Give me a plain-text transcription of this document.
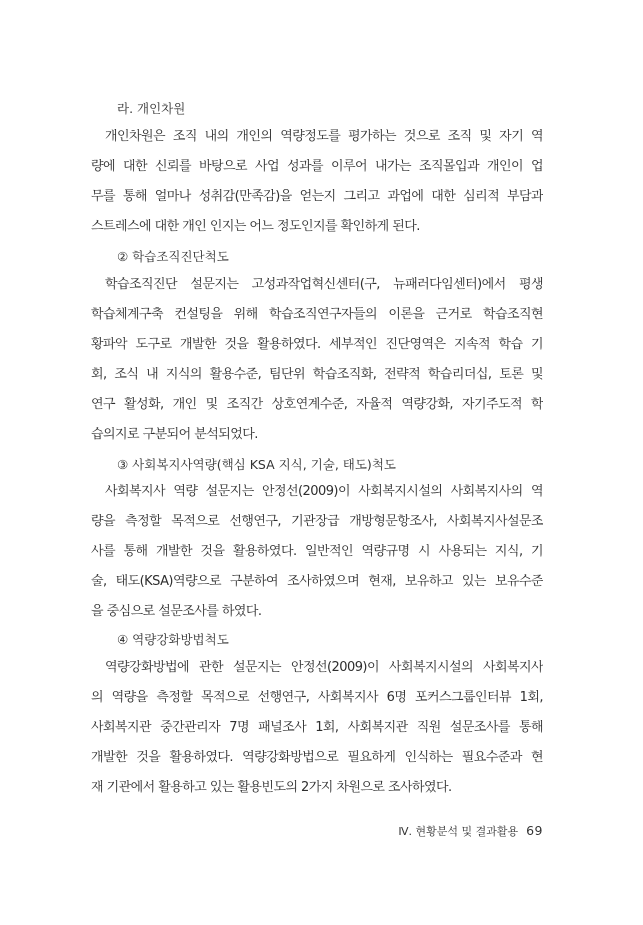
라. 개인차원
개인차원은 조직 내의 개인의 역량정도를 평가하는 것으로 조직 및 자기 역
량에 대한 신뢰를 바탕으로 사업 성과를 이루어 내가는 조직몰입과 개인이 업
무를 통해 얼마나 성취감(만족감)을 얻는지 그리고 과업에 대한 심리적 부담과
스트레스에 대한 개인 인지는 어느 정도인지를 확인하게 된다.
② 학습조직진단척도
학습조직진단 설문지는 고성과작업혁신센터(구, 뉴패러다임센터)에서 평생
학습체계구축 컨설팅을 위해 학습조직연구자들의 이론을 근거로 학습조직현
황파악 도구로 개발한 것을 활용하였다. 세부적인 진단영역은 지속적 학습 기
회, 조식 내 지식의 활용수준, 팀단위 학습조직화, 전략적 학습리더십, 토론 및
연구 활성화, 개인 및 조직간 상호연계수준, 자율적 역량강화, 자기주도적 학
습의지로 구분되어 분석되었다.
③ 사회복지사역량(핵심 KSA 지식, 기술, 태도)척도
사회복지사 역량 설문지는 안정선(2009)이 사회복지시설의 사회복지사의 역
량을 측정할 목적으로 선행연구, 기관장급 개방형문항조사, 사회복지사설문조
사를 통해 개발한 것을 활용하였다. 일반적인 역량규명 시 사용되는 지식, 기
술, 태도(KSA)역량으로 구분하여 조사하였으며 현재, 보유하고 있는 보유수준
을 중심으로 설문조사를 하였다.
④ 역량강화방법척도
역량강화방법에 관한 설문지는 안정선(2009)이 사회복지시설의 사회복지사
의 역량을 측정할 목적으로 선행연구, 사회복지사 6명 포커스그룹인터뷰 1회,
사회복지관 중간관리자 7명 패널조사 1회, 사회복지관 직원 설문조사를 통해
개발한 것을 활용하였다. 역량강화방법으로 필요하게 인식하는 필요수준과 현
재 기관에서 활용하고 있는 활용빈도의 2가지 차원으로 조사하였다.
Ⅳ. 현황분석 및 결과활용 69
